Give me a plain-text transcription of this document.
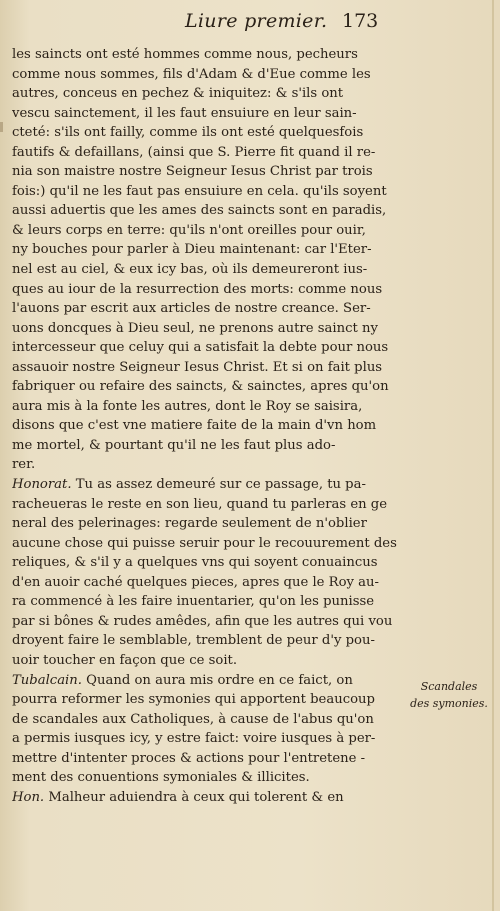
Liure premier. 173
les saincts ont esté hommes comme nous, pecheurs
comme nous sommes, fils d'Adam & d'Eue comme les
autres, conceus en pechez & iniquitez: & s'ils ont
vescu sainctement, il les faut ensuiure en leur sain-
cteté: s'ils ont failly, comme ils ont esté quelquesfois
fautifs & defaillans, (ainsi que S. Pierre fit quand il re-
nia son maistre nostre Seigneur Iesus Christ par trois
fois:) qu'il ne les faut pas ensuiure en cela. qu'ils soyent
aussi aduertis que les ames des saincts sont en paradis,
& leurs corps en terre: qu'ils n'ont oreilles pour ouir,
ny bouches pour parler à Dieu maintenant: car l'Eter-
nel est au ciel, & eux icy bas, où ils demeureront ius-
ques au iour de la resurrection des morts: comme nous
l'auons par escrit aux articles de nostre creance. Ser-
uons doncques à Dieu seul, ne prenons autre sainct ny
intercesseur que celuy qui a satisfait la debte pour nous
assauoir nostre Seigneur Iesus Christ. Et si on fait plus
fabriquer ou refaire des saincts, & sainctes, apres qu'on
aura mis à la fonte les autres, dont le Roy se saisira,
disons que c'est vne matiere faite de la main d'vn hom
me mortel, & pourtant qu'il ne les faut plus ado-
rer.
Honorat. Tu as assez demeuré sur ce passage, tu pa-
racheueras le reste en son lieu, quand tu parleras en ge
neral des pelerinages: regarde seulement de n'oblier
aucune chose qui puisse seruir pour le recouurement des
reliques, & s'il y a quelques vns qui soyent conuaincus
d'en auoir caché quelques pieces, apres que le Roy au-
ra commencé à les faire inuentarier, qu'on les punisse
par si bônes & rudes amêdes, afin que les autres qui vou
droyent faire le semblable, tremblent de peur d'y pou-
uoir toucher en façon que ce soit.
Tubalcain. Quand on aura mis ordre en ce faict, on
pourra reformer les symonies qui apportent beaucoup
de scandales aux Catholiques, à cause de l'abus qu'on
a permis iusques icy, y estre faict: voire iusques à per-
mettre d'intenter proces & actions pour l'entretene -
ment des conuentions symoniales & illicites.
Hon. Malheur aduiendra à ceux qui tolerent & en
Scandales
des symonies.
